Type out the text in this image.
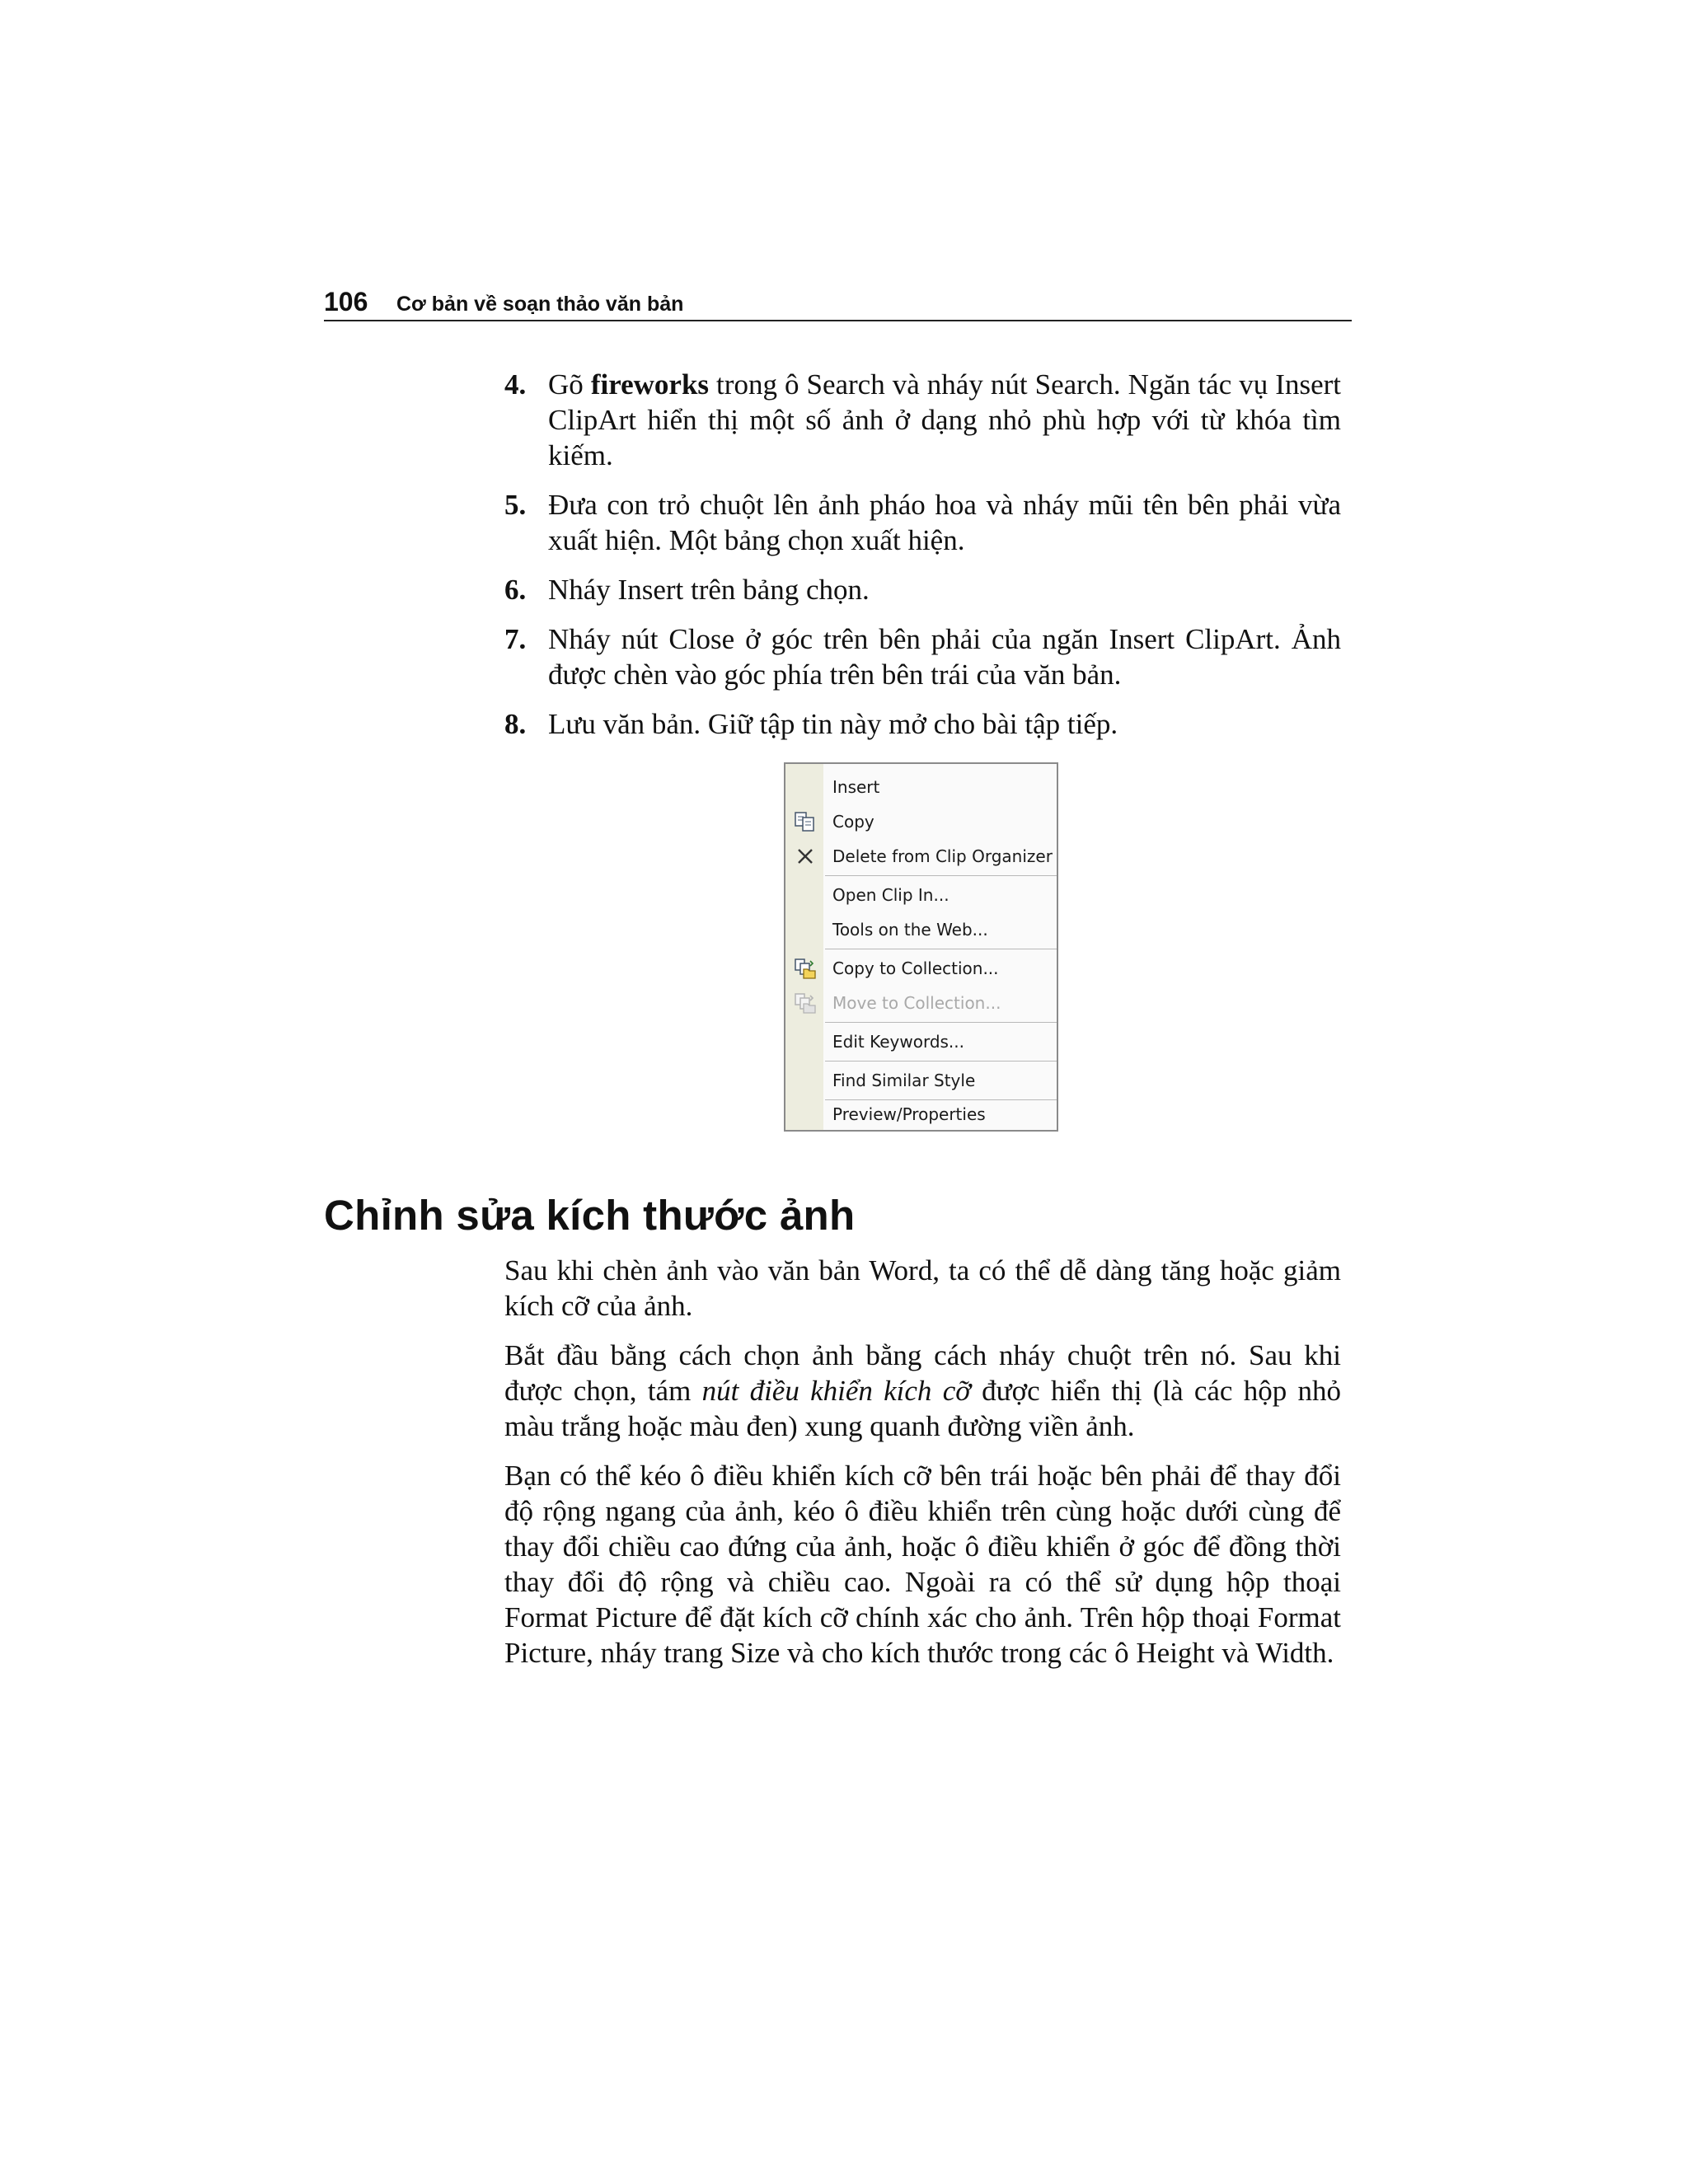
106 Cơ bản về soạn thảo văn bản
4. Gõ fireworks trong ô Search và nháy nút Search. Ngăn tác vụ Insert ClipArt hiển thị một số ảnh ở dạng nhỏ phù hợp với từ khóa tìm kiếm.
5. Đưa con trỏ chuột lên ảnh pháo hoa và nháy mũi tên bên phải vừa xuất hiện. Một bảng chọn xuất hiện.
6. Nháy Insert trên bảng chọn.
7. Nháy nút Close ở góc trên bên phải của ngăn Insert ClipArt. Ảnh được chèn vào góc phía trên bên trái của văn bản.
8. Lưu văn bản. Giữ tập tin này mở cho bài tập tiếp.
Insert
Copy
Delete from Clip Organizer
Open Clip In...
Tools on the Web...
Copy to Collection...
Move to Collection...
Edit Keywords...
Find Similar Style
Preview/Properties
Chỉnh sửa kích thước ảnh

Sau khi chèn ảnh vào văn bản Word, ta có thể dễ dàng tăng hoặc giảm kích cỡ của ảnh.

Bắt đầu bằng cách chọn ảnh bằng cách nháy chuột trên nó. Sau khi được chọn, tám nút điều khiển kích cỡ được hiển thị (là các hộp nhỏ màu trắng hoặc màu đen) xung quanh đường viền ảnh.

Bạn có thể kéo ô điều khiển kích cỡ bên trái hoặc bên phải để thay đổi độ rộng ngang của ảnh, kéo ô điều khiển trên cùng hoặc dưới cùng để thay đổi chiều cao đứng của ảnh, hoặc ô điều khiển ở góc để đồng thời thay đổi độ rộng và chiều cao. Ngoài ra có thể sử dụng hộp thoại Format Picture để đặt kích cỡ chính xác cho ảnh. Trên hộp thoại Format Picture, nháy trang Size và cho kích thước trong các ô Height và Width.
